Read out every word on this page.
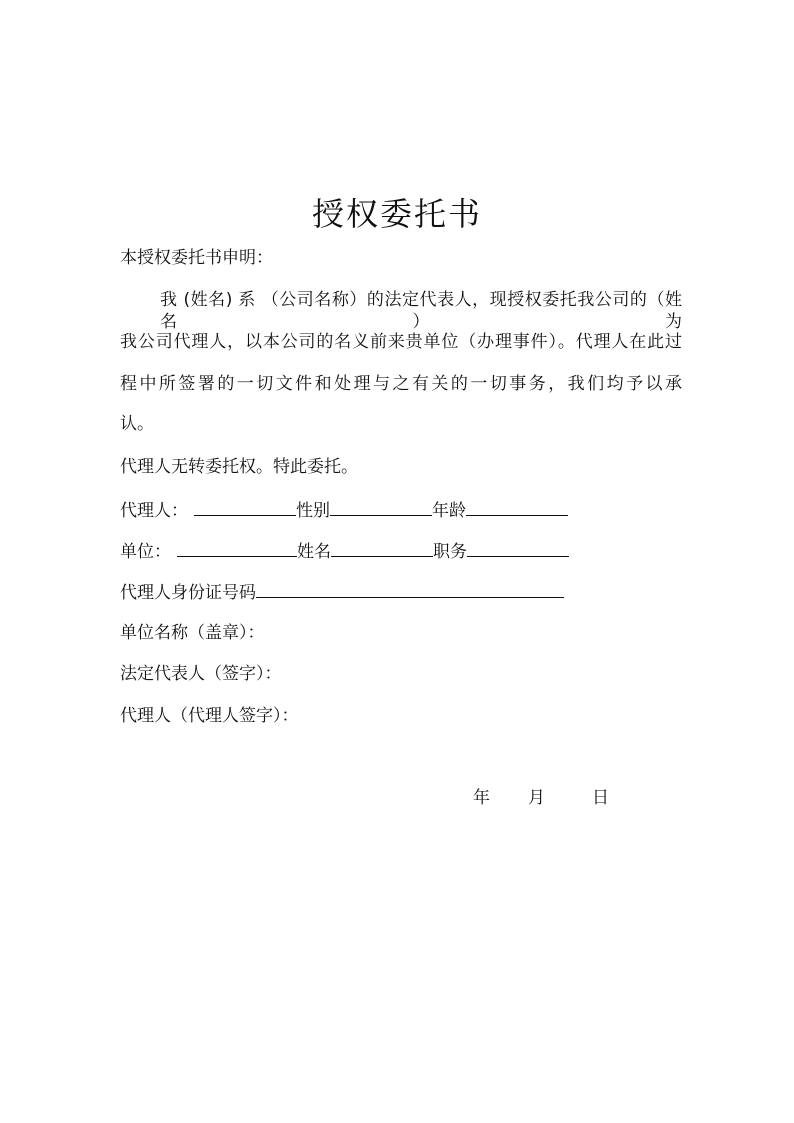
授权委托书
本授权委托书申明：
我 (姓名) 系 （公司名称）的法定代表人，现授权委托我公司的（姓名）为
我公司代理人，以本公司的名义前来贵单位（办理事件）。代理人在此过
程中所签署的一切文件和处理与之有关的一切事务，我们均予以承
认。
代理人无转委托权。特此委托。
代理人：	性别	年龄
单位：	姓名	职务
代理人身份证号码
单位名称（盖章）：
法定代表人（签字）：
代理人（代理人签字）：
年 月	日
